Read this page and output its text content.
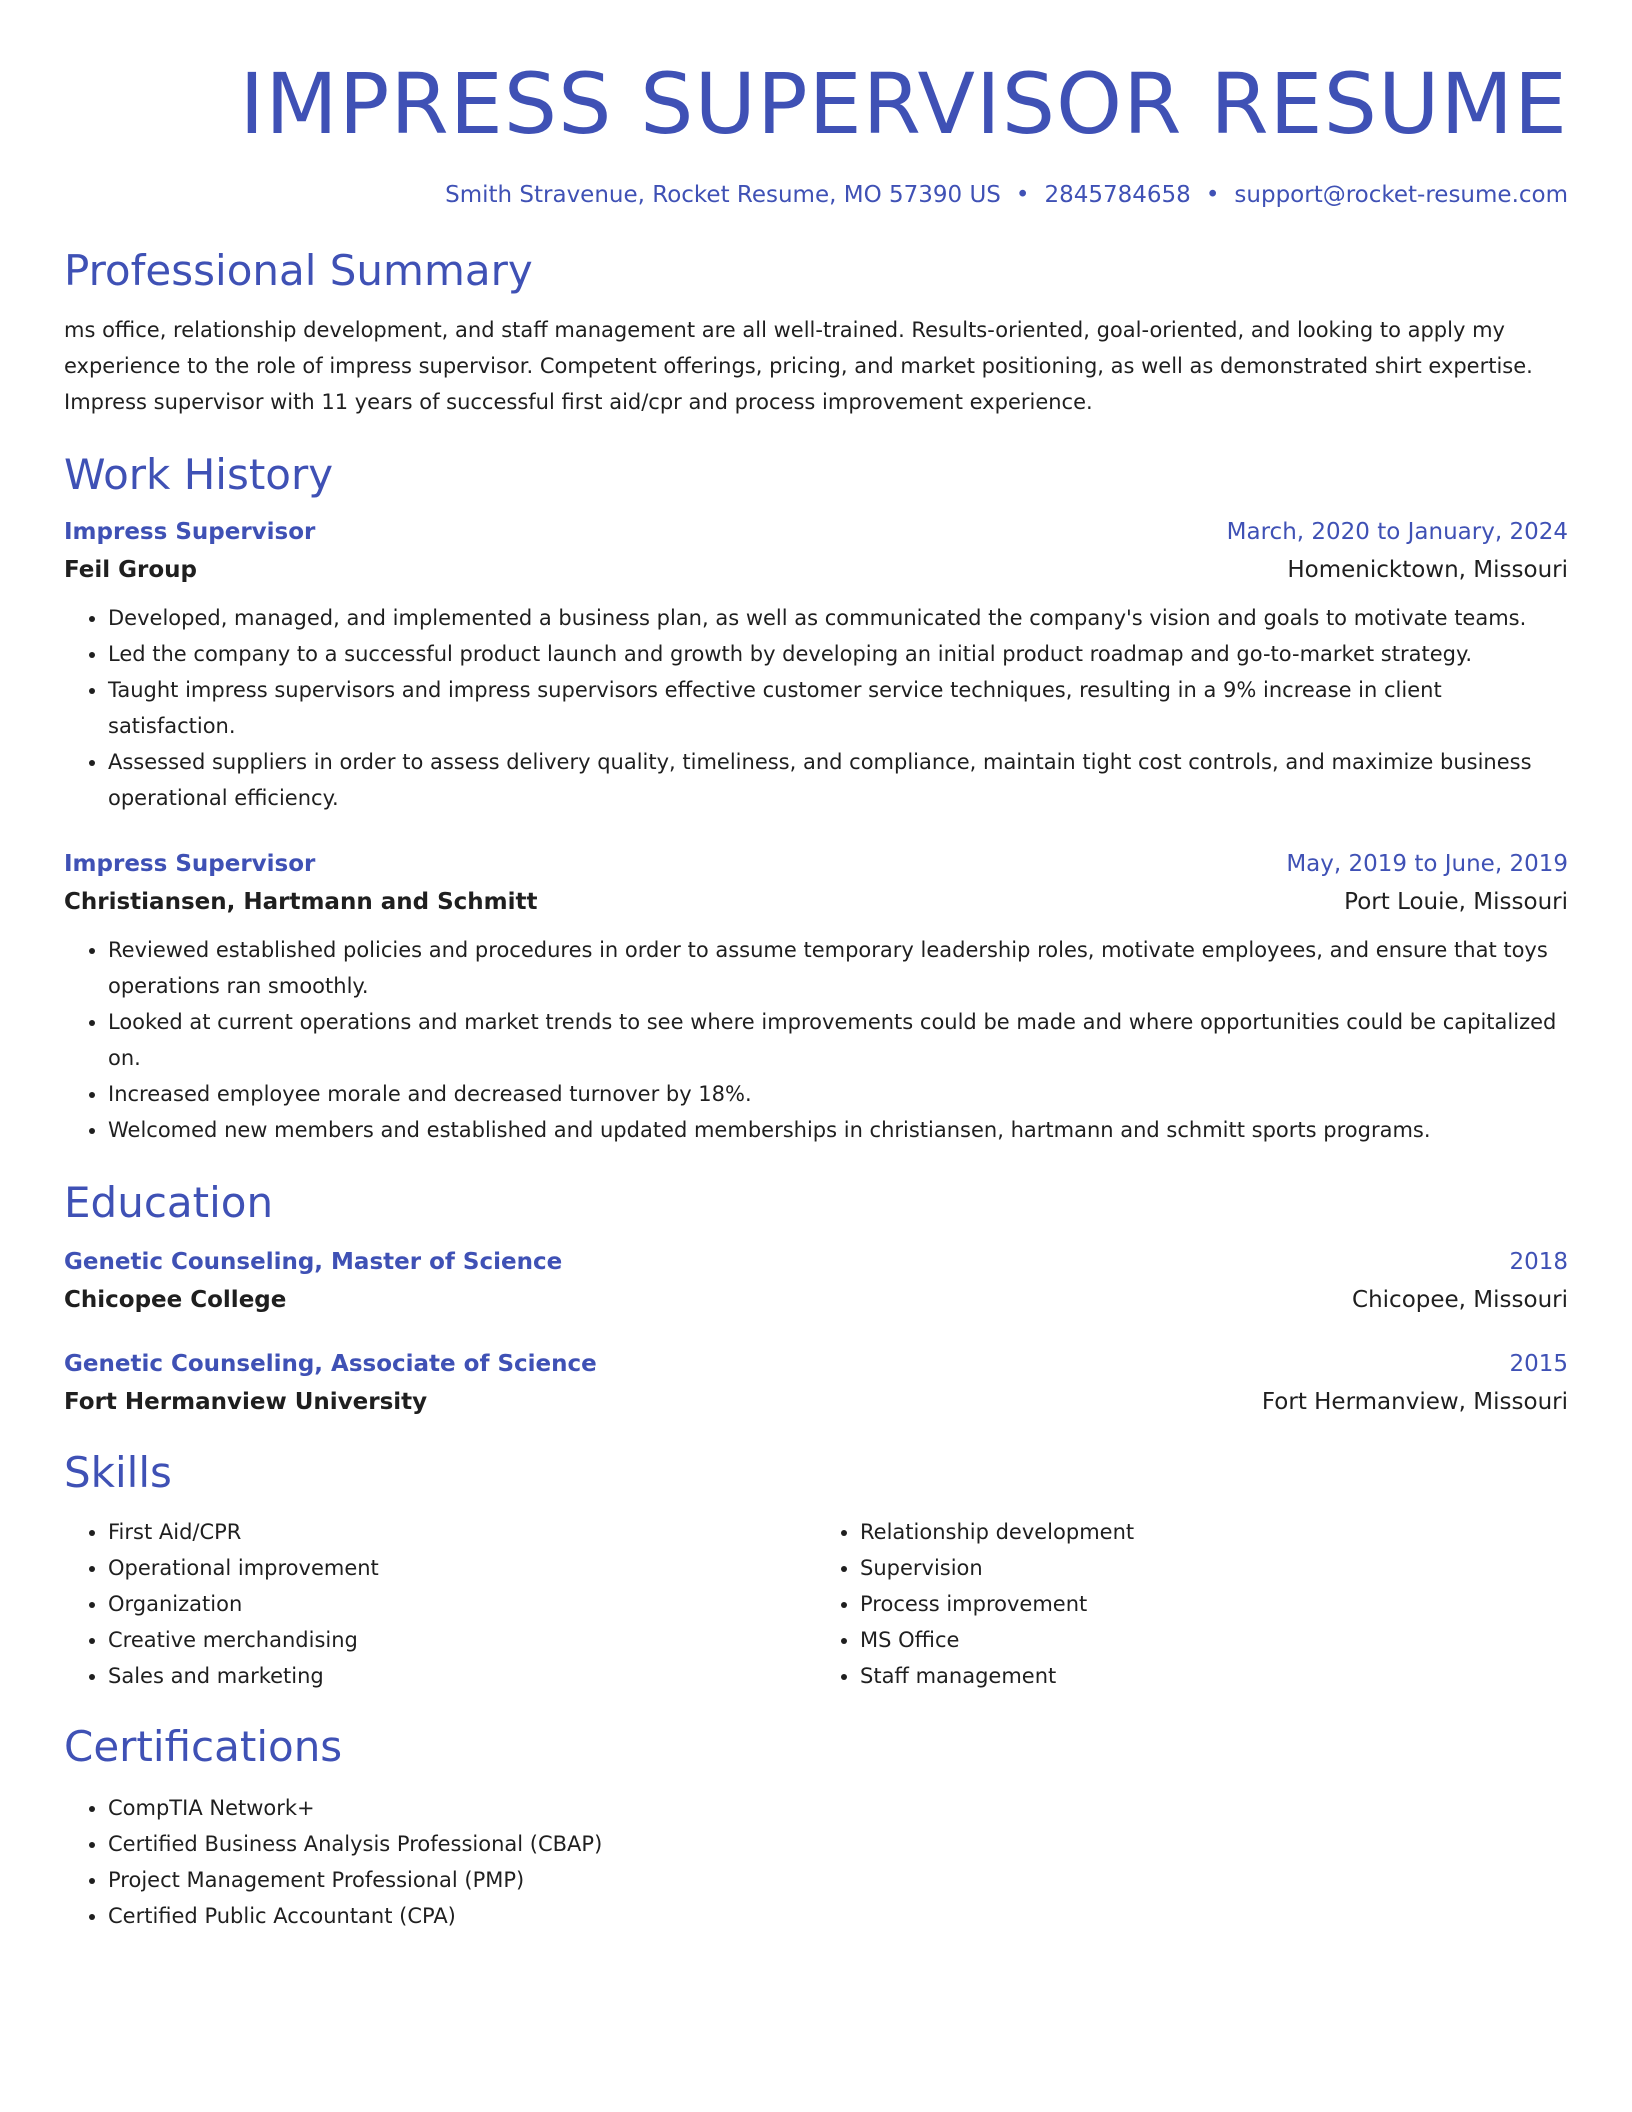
IMPRESS SUPERVISOR RESUME
Smith Stravenue, Rocket Resume, MO 57390 US • 2845784658 • support@rocket-resume.com
Professional Summary

ms office, relationship development, and staff management are all well-trained. Results-oriented, goal-oriented, and looking to apply my experience to the role of impress supervisor. Competent offerings, pricing, and market positioning, as well as demonstrated shirt expertise. Impress supervisor with 11 years of successful first aid/cpr and process improvement experience.

Work History
Impress Supervisor	March, 2020 to January, 2024
Feil Group	Homenicktown, Missouri
• Developed, managed, and implemented a business plan, as well as communicated the company's vision and goals to motivate teams.
• Led the company to a successful product launch and growth by developing an initial product roadmap and go-to-market strategy.
• Taught impress supervisors and impress supervisors effective customer service techniques, resulting in a 9% increase in client satisfaction.
• Assessed suppliers in order to assess delivery quality, timeliness, and compliance, maintain tight cost controls, and maximize business operational efficiency.
Impress Supervisor	May, 2019 to June, 2019
Christiansen, Hartmann and Schmitt	Port Louie, Missouri
• Reviewed established policies and procedures in order to assume temporary leadership roles, motivate employees, and ensure that toys operations ran smoothly.
• Looked at current operations and market trends to see where improvements could be made and where opportunities could be capitalized on.
• Increased employee morale and decreased turnover by 18%.
• Welcomed new members and established and updated memberships in christiansen, hartmann and schmitt sports programs.
Education
Genetic Counseling, Master of Science	2018
Chicopee College	Chicopee, Missouri
Genetic Counseling, Associate of Science	2015
Fort Hermanview University	Fort Hermanview, Missouri
Skills
• First Aid/CPR
• Operational improvement
• Organization
• Creative merchandising
• Sales and marketing
• Relationship development
• Supervision
• Process improvement
• MS Office
• Staff management
Certifications
• CompTIA Network+
• Certified Business Analysis Professional (CBAP)
• Project Management Professional (PMP)
• Certified Public Accountant (CPA)
